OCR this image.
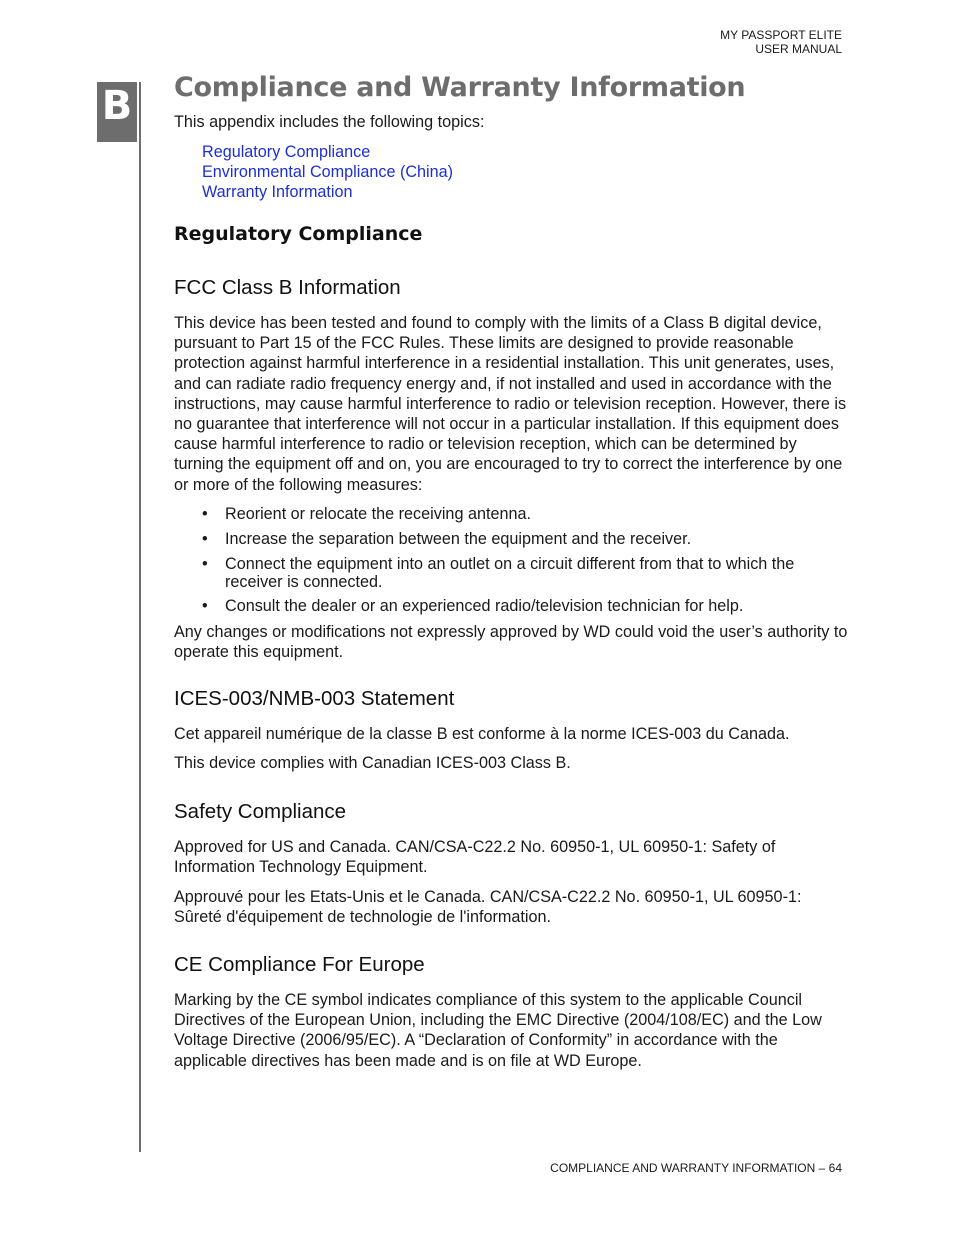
MY PASSPORT ELITE
USER MANUAL
B Compliance and Warranty Information

This appendix includes the following topics:

Regulatory Compliance
Environmental Compliance (China)
Warranty Information
Regulatory Compliance
FCC Class B Information

This device has been tested and found to comply with the limits of a Class B digital device, pursuant to Part 15 of the FCC Rules. These limits are designed to provide reasonable protection against harmful interference in a residential installation. This unit generates, uses, and can radiate radio frequency energy and, if not installed and used in accordance with the instructions, may cause harmful interference to radio or television reception. However, there is no guarantee that interference will not occur in a particular installation. If this equipment does cause harmful interference to radio or television reception, which can be determined by turning the equipment off and on, you are encouraged to try to correct the interference by one or more of the following measures:

• Reorient or relocate the receiving antenna.
• Increase the separation between the equipment and the receiver.
• Connect the equipment into an outlet on a circuit different from that to which the receiver is connected.
• Consult the dealer or an experienced radio/television technician for help.

Any changes or modifications not expressly approved by WD could void the user’s authority to operate this equipment.

ICES-003/NMB-003 Statement

Cet appareil numérique de la classe B est conforme à la norme ICES-003 du Canada.

This device complies with Canadian ICES-003 Class B.

Safety Compliance

Approved for US and Canada. CAN/CSA-C22.2 No. 60950-1, UL 60950-1: Safety of Information Technology Equipment.

Approuvé pour les Etats-Unis et le Canada. CAN/CSA-C22.2 No. 60950-1, UL 60950-1: Sûreté d'équipement de technologie de l'information.

CE Compliance For Europe

Marking by the CE symbol indicates compliance of this system to the applicable Council Directives of the European Union, including the EMC Directive (2004/108/EC) and the Low Voltage Directive (2006/95/EC). A “Declaration of Conformity” in accordance with the applicable directives has been made and is on file at WD Europe.

COMPLIANCE AND WARRANTY INFORMATION – 64
